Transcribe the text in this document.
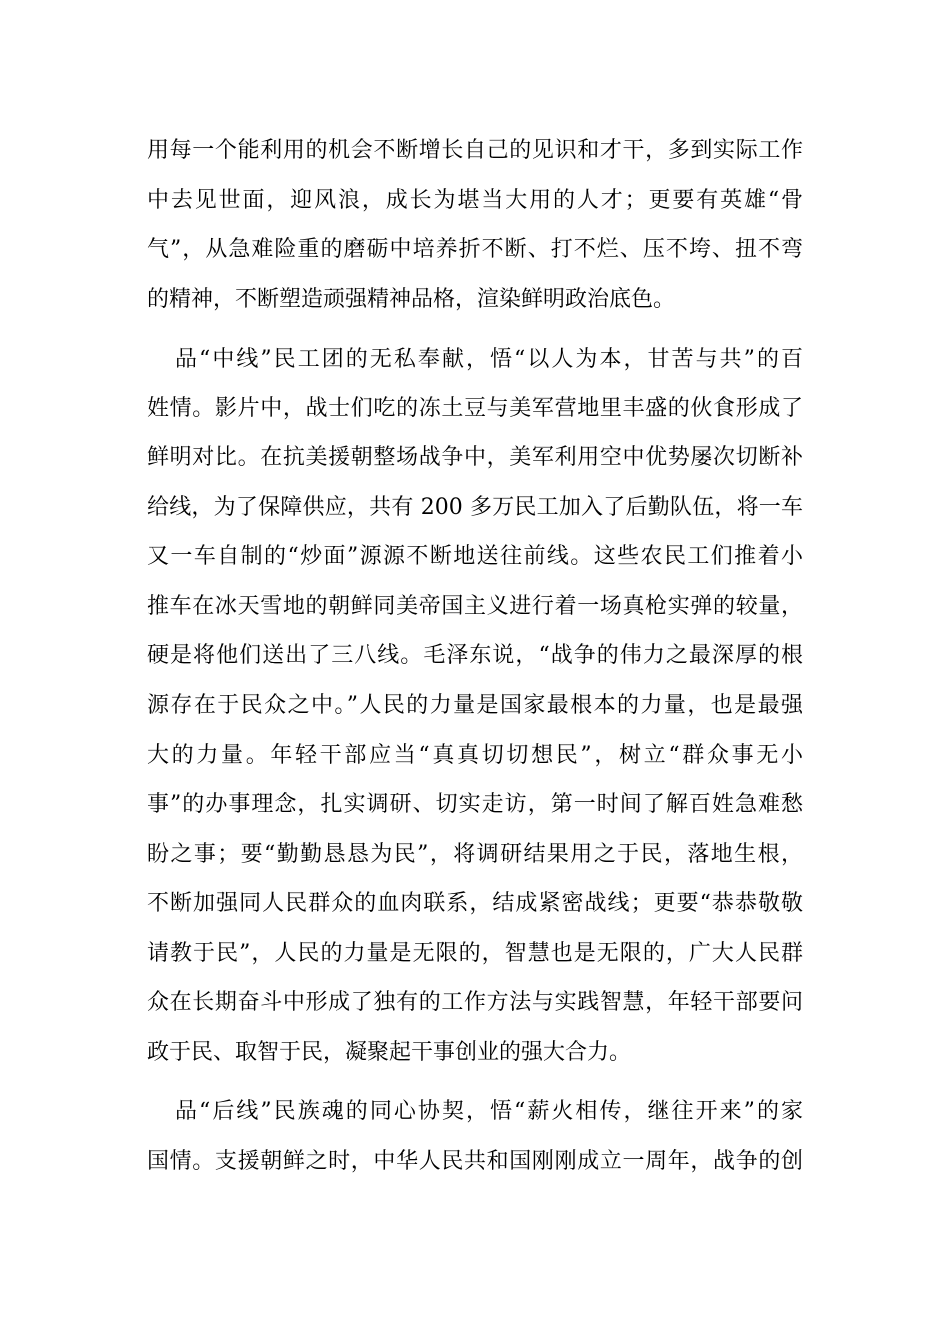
用每一个能利用的机会不断增长自己的见识和才干，多到实际工作
中去见世面，迎风浪，成长为堪当大用的人才；更要有英雄“骨
气”，从急难险重的磨砺中培养折不断、打不烂、压不垮、扭不弯
的精神，不断塑造顽强精神品格，渲染鲜明政治底色。
品“中线”民工团的无私奉献，悟“以人为本，甘苦与共”的百
姓情。影片中，战士们吃的冻土豆与美军营地里丰盛的伙食形成了
鲜明对比。在抗美援朝整场战争中，美军利用空中优势屡次切断补
给线，为了保障供应，共有 200 多万民工加入了后勤队伍，将一车
又一车自制的“炒面”源源不断地送往前线。这些农民工们推着小
推车在冰天雪地的朝鲜同美帝国主义进行着一场真枪实弹的较量，
硬是将他们送出了三八线。毛泽东说，“战争的伟力之最深厚的根
源存在于民众之中。”人民的力量是国家最根本的力量，也是最强
大的力量。年轻干部应当“真真切切想民”，树立“群众事无小
事”的办事理念，扎实调研、切实走访，第一时间了解百姓急难愁
盼之事；要“勤勤恳恳为民”，将调研结果用之于民，落地生根，
不断加强同人民群众的血肉联系，结成紧密战线；更要“恭恭敬敬
请教于民”，人民的力量是无限的，智慧也是无限的，广大人民群
众在长期奋斗中形成了独有的工作方法与实践智慧，年轻干部要问
政于民、取智于民，凝聚起干事创业的强大合力。
品“后线”民族魂的同心协契，悟“薪火相传，继往开来”的家
国情。支援朝鲜之时，中华人民共和国刚刚成立一周年，战争的创
